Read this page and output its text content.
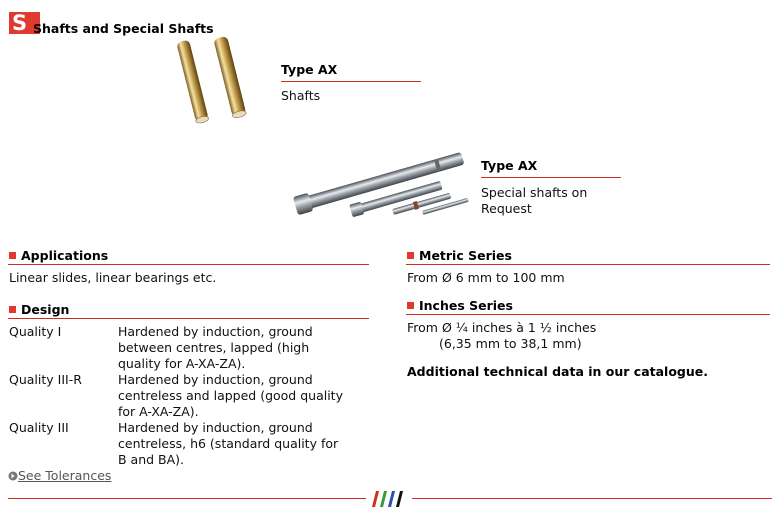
S Shafts and Special Shafts
Type AX
Shafts
Type AX
Special shafts on
Request
Applications
Linear slides, linear bearings etc.
Design
Quality I	Hardened by induction, ground
between centres, lapped (high
quality for A-XA-ZA).
Quality III-R	Hardened by induction, ground
centreless and lapped (good quality
for A-XA-ZA).
Quality III	Hardened by induction, ground
centreless, h6 (standard quality for
B and BA).
See Tolerances
Metric Series
From Ø 6 mm to 100 mm
Inches Series
From Ø ¼ inches à 1 ½ inches
(6,35 mm to 38,1 mm)
Additional technical data in our catalogue.
